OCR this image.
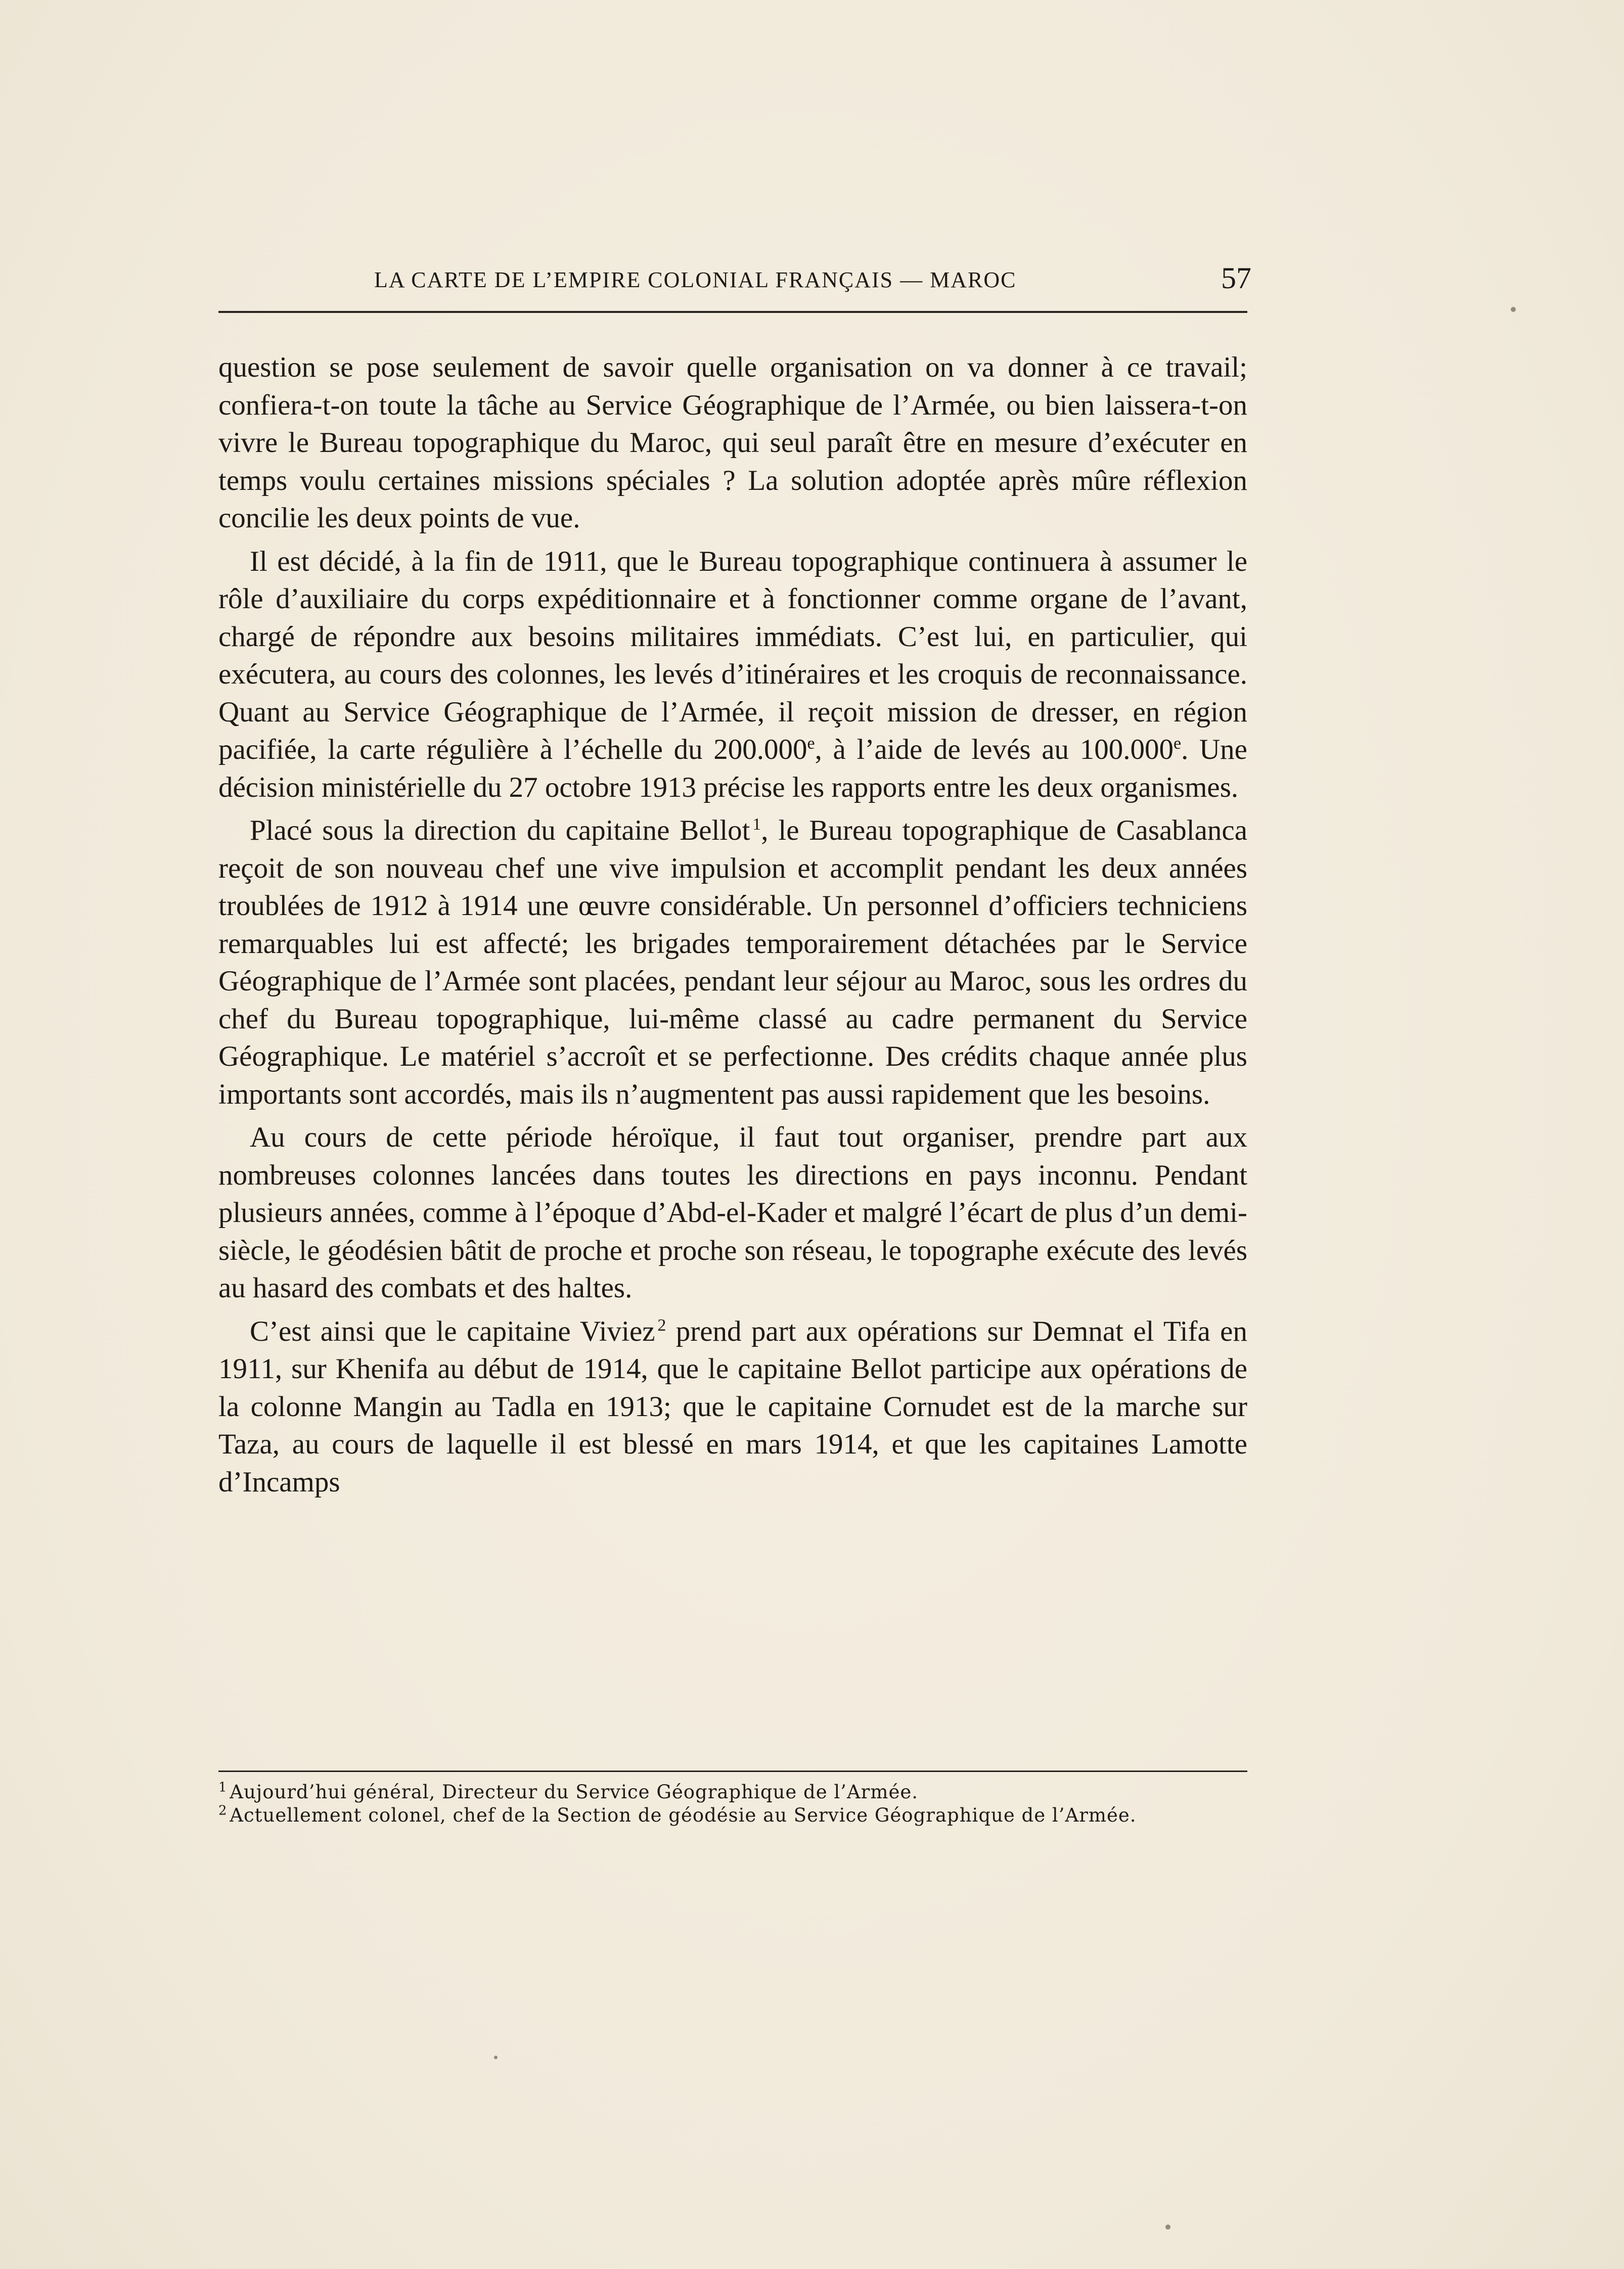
LA CARTE DE L’EMPIRE COLONIAL FRANÇAIS — MAROC	57

question se pose seulement de savoir quelle organisation on va donner à ce travail; confiera-t-on toute la tâche au Service Géographique de l’Armée, ou bien laissera-t-on vivre le Bureau topographique du Maroc, qui seul paraît être en mesure d’exécuter en temps voulu certaines missions spéciales ? La solution adoptée après mûre réflexion concilie les deux points de vue.

Il est décidé, à la fin de 1911, que le Bureau topographique continuera à assumer le rôle d’auxiliaire du corps expéditionnaire et à fonctionner comme organe de l’avant, chargé de répondre aux besoins militaires immédiats. C’est lui, en particulier, qui exécutera, au cours des colonnes, les levés d’itinéraires et les croquis de reconnaissance. Quant au Service Géographique de l’Armée, il reçoit mission de dresser, en région pacifiée, la carte régulière à l’échelle du 200.000e, à l’aide de levés au 100.000e. Une décision ministérielle du 27 octobre 1913 précise les rapports entre les deux organismes.

Placé sous la direction du capitaine Bellot  $^1$, le Bureau topographique de Casablanca reçoit de son nouveau chef une vive impulsion et accomplit pendant les deux années troublées de 1912 à 1914 une œuvre considérable. Un personnel d’officiers techniciens remarquables lui est affecté; les brigades temporairement détachées par le Service Géographique de l’Armée sont placées, pendant leur séjour au Maroc, sous les ordres du chef du Bureau topographique, lui-même classé au cadre permanent du Service Géographique. Le matériel s’accroît et se perfectionne. Des crédits chaque année plus importants sont accordés, mais ils n’augmentent pas aussi rapidement que les besoins.

Au cours de cette période héroïque, il faut tout organiser, prendre part aux nombreuses colonnes lancées dans toutes les directions en pays inconnu. Pendant plusieurs années, comme à l’époque d’Abd-el-Kader et malgré l’écart de plus d’un demi-siècle, le géodésien bâtit de proche et proche son réseau, le topographe exécute des levés au hasard des combats et des haltes.

C’est ainsi que le capitaine Viviez  $^2$ prend part aux opérations sur Demnat el Tifa en 1911, sur Khenifa au début de 1914, que le capitaine Bellot participe aux opérations de la colonne Mangin au Tadla en 1913; que le capitaine Cornudet est de la marche sur Taza, au cours de laquelle il est blessé en mars 1914, et que les capitaines Lamotte d’Incamps

$^1$  Aujourd’hui général, Directeur du Service Géographique de l’Armée.

$^2$  Actuellement colonel, chef de la Section de géodésie au Service Géographique de l’Armée.
